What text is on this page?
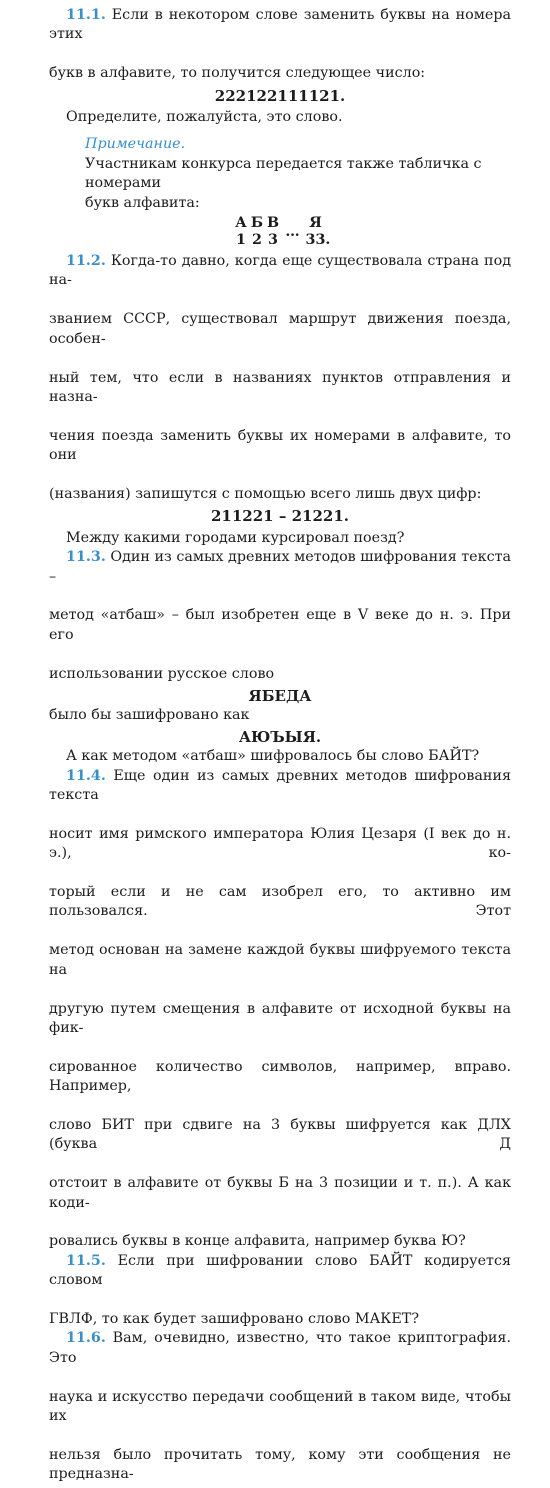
11.1. Если в некотором слове заменить буквы на номера этих

букв в алфавите, то получится следующее число:

222122111121.

Определите, пожалуйста, это слово.

Примечание.

Участникам конкурса передается также табличка с номерами

букв алфавита:

А Б В
…
Я
1 2 3 33.

11.2. Когда-то давно, когда еще существовала страна под на-

званием СССР, существовал маршрут движения поезда, особен-

ный тем, что если в названиях пунктов отправления и назна-

чения поезда заменить буквы их номерами в алфавите, то они

(названия) запишутся с помощью всего лишь двух цифр:

211221 – 21221.

Между какими городами курсировал поезд?

11.3. Один из самых древних методов шифрования текста –

метод «атбаш» – был изобретен еще в V веке до н. э. При его

использовании русское слово

ЯБЕДА

было бы зашифровано как

АЮЪЫЯ.

А как методом «атбаш» шифровалось бы слово БАЙТ?

11.4. Еще один из самых древних методов шифрования текста

носит имя римского императора Юлия Цезаря (I век до н. э.), ко-

торый если и не сам изобрел его, то активно им пользовался. Этот

метод основан на замене каждой буквы шифруемого текста на

другую путем смещения в алфавите от исходной буквы на фик-

сированное количество символов, например, вправо. Например,

слово БИТ при сдвиге на 3 буквы шифруется как ДЛХ (буква Д

отстоит в алфавите от буквы Б на 3 позиции и т. п.). А как коди-

ровались буквы в конце алфавита, например буква Ю?

11.5. Если при шифровании слово БАЙТ кодируется словом

ГВЛФ, то как будет зашифровано слово МАКЕТ?

11.6. Вам, очевидно, известно, что такое криптография. Это

наука и искусство передачи сообщений в таком виде, чтобы их

нельзя было прочитать тому, кому эти сообщения не предназна-
